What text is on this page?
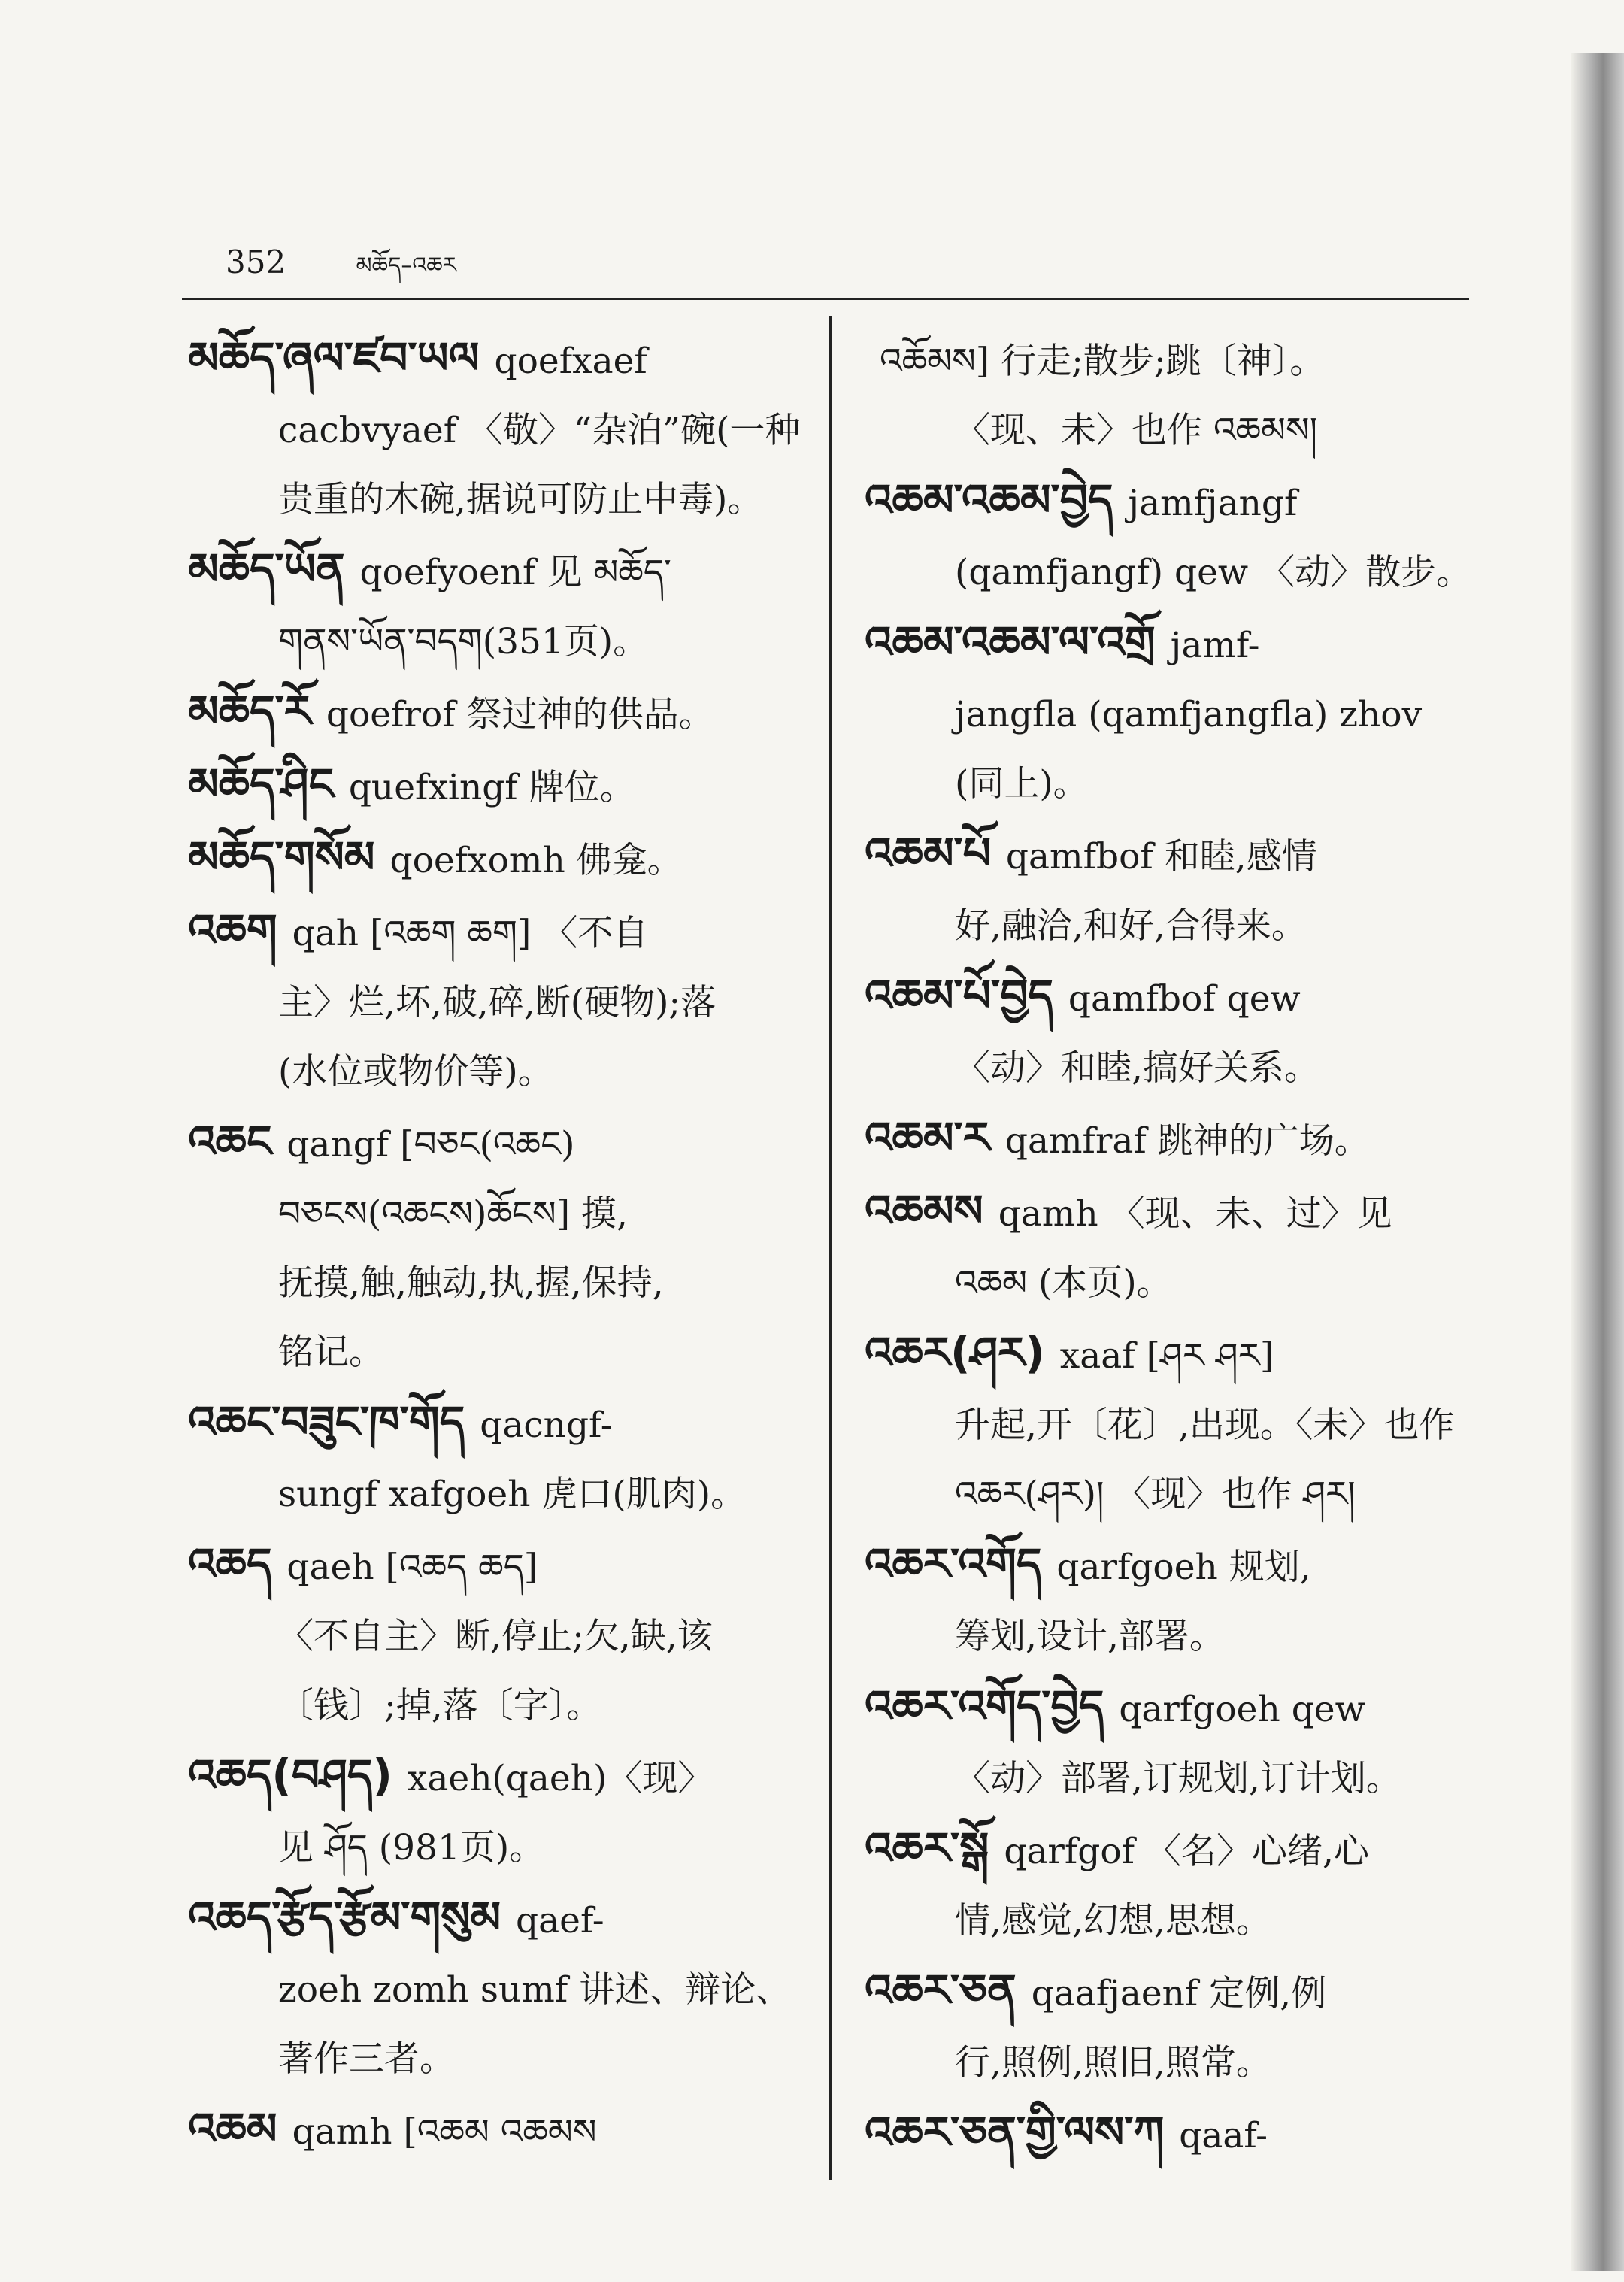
352	མཆོད–འཆར
མཆོད་ཞལ་ཛབ་ཡལ qoefxaef
cacbvyaef 〈敬〉“杂泊”碗(一种
贵重的木碗,据说可防止中毒)。
མཆོད་ཡོན qoefyoenf 见 མཆོད་
གནས་ཡོན་བདག(351页)。
མཆོད་རོ qoefrof 祭过神的供品。
མཆོད་ཤིང quefxingf 牌位。
མཆོད་གསོམ qoefxomh 佛龛。
འཆག qah [འཆག ཆག] 〈不自
主〉烂,坏,破,碎,断(硬物);落
(水位或物价等)。
འཆང qangf [བཅང(འཆང)
བཅངས(འཆངས)ཆོངས] 摸,
抚摸,触,触动,执,握,保持,
铭记。
འཆང་བཟུང་ཁ་གོད qacngf-
sungf xafgoeh 虎口(肌肉)。
འཆད qaeh [འཆད ཆད]
〈不自主〉断,停止;欠,缺,该
〔钱〕;掉,落〔字〕。
འཆད(བཤད) xaeh(qaeh)〈现〉
见 ཤོད (981页)。
འཆད་རྩོད་རྩོམ་གསུམ qaef-
zoeh zomh sumf 讲述、辩论、
著作三者。
འཆམ qamh [འཆམ འཆམས
འཆོམས] 行走;散步;跳〔神〕。
〈现、未〉也作 འཆམས།
འཆམ་འཆམ་བྱེད jamfjangf
(qamfjangf) qew 〈动〉散步。
འཆམ་འཆམ་ལ་འགྲོ jamf-
jangfla (qamfjangfla) zhov
(同上)。
འཆམ་པོ qamfbof 和睦,感情
好,融洽,和好,合得来。
འཆམ་པོ་བྱེད qamfbof qew
〈动〉和睦,搞好关系。
འཆམ་ར qamfraf 跳神的广场。
འཆམས qamh 〈现、未、过〉见
འཆམ (本页)。
འཆར(ཤར) xaaf [ཤར ཤར]
升起,开〔花〕,出现。〈未〉也作
འཆར(ཤར)། 〈现〉也作 ཤར།
འཆར་འགོད qarfgoeh 规划,
筹划,设计,部署。
འཆར་འགོད་བྱེད qarfgoeh qew
〈动〉部署,订规划,订计划。
འཆར་སྒོ qarfgof 〈名〉心绪,心
情,感觉,幻想,思想。
འཆར་ཅན qaafjaenf 定例,例
行,照例,照旧,照常。
འཆར་ཅན་གྱི་ལས་ཀ qaaf-
